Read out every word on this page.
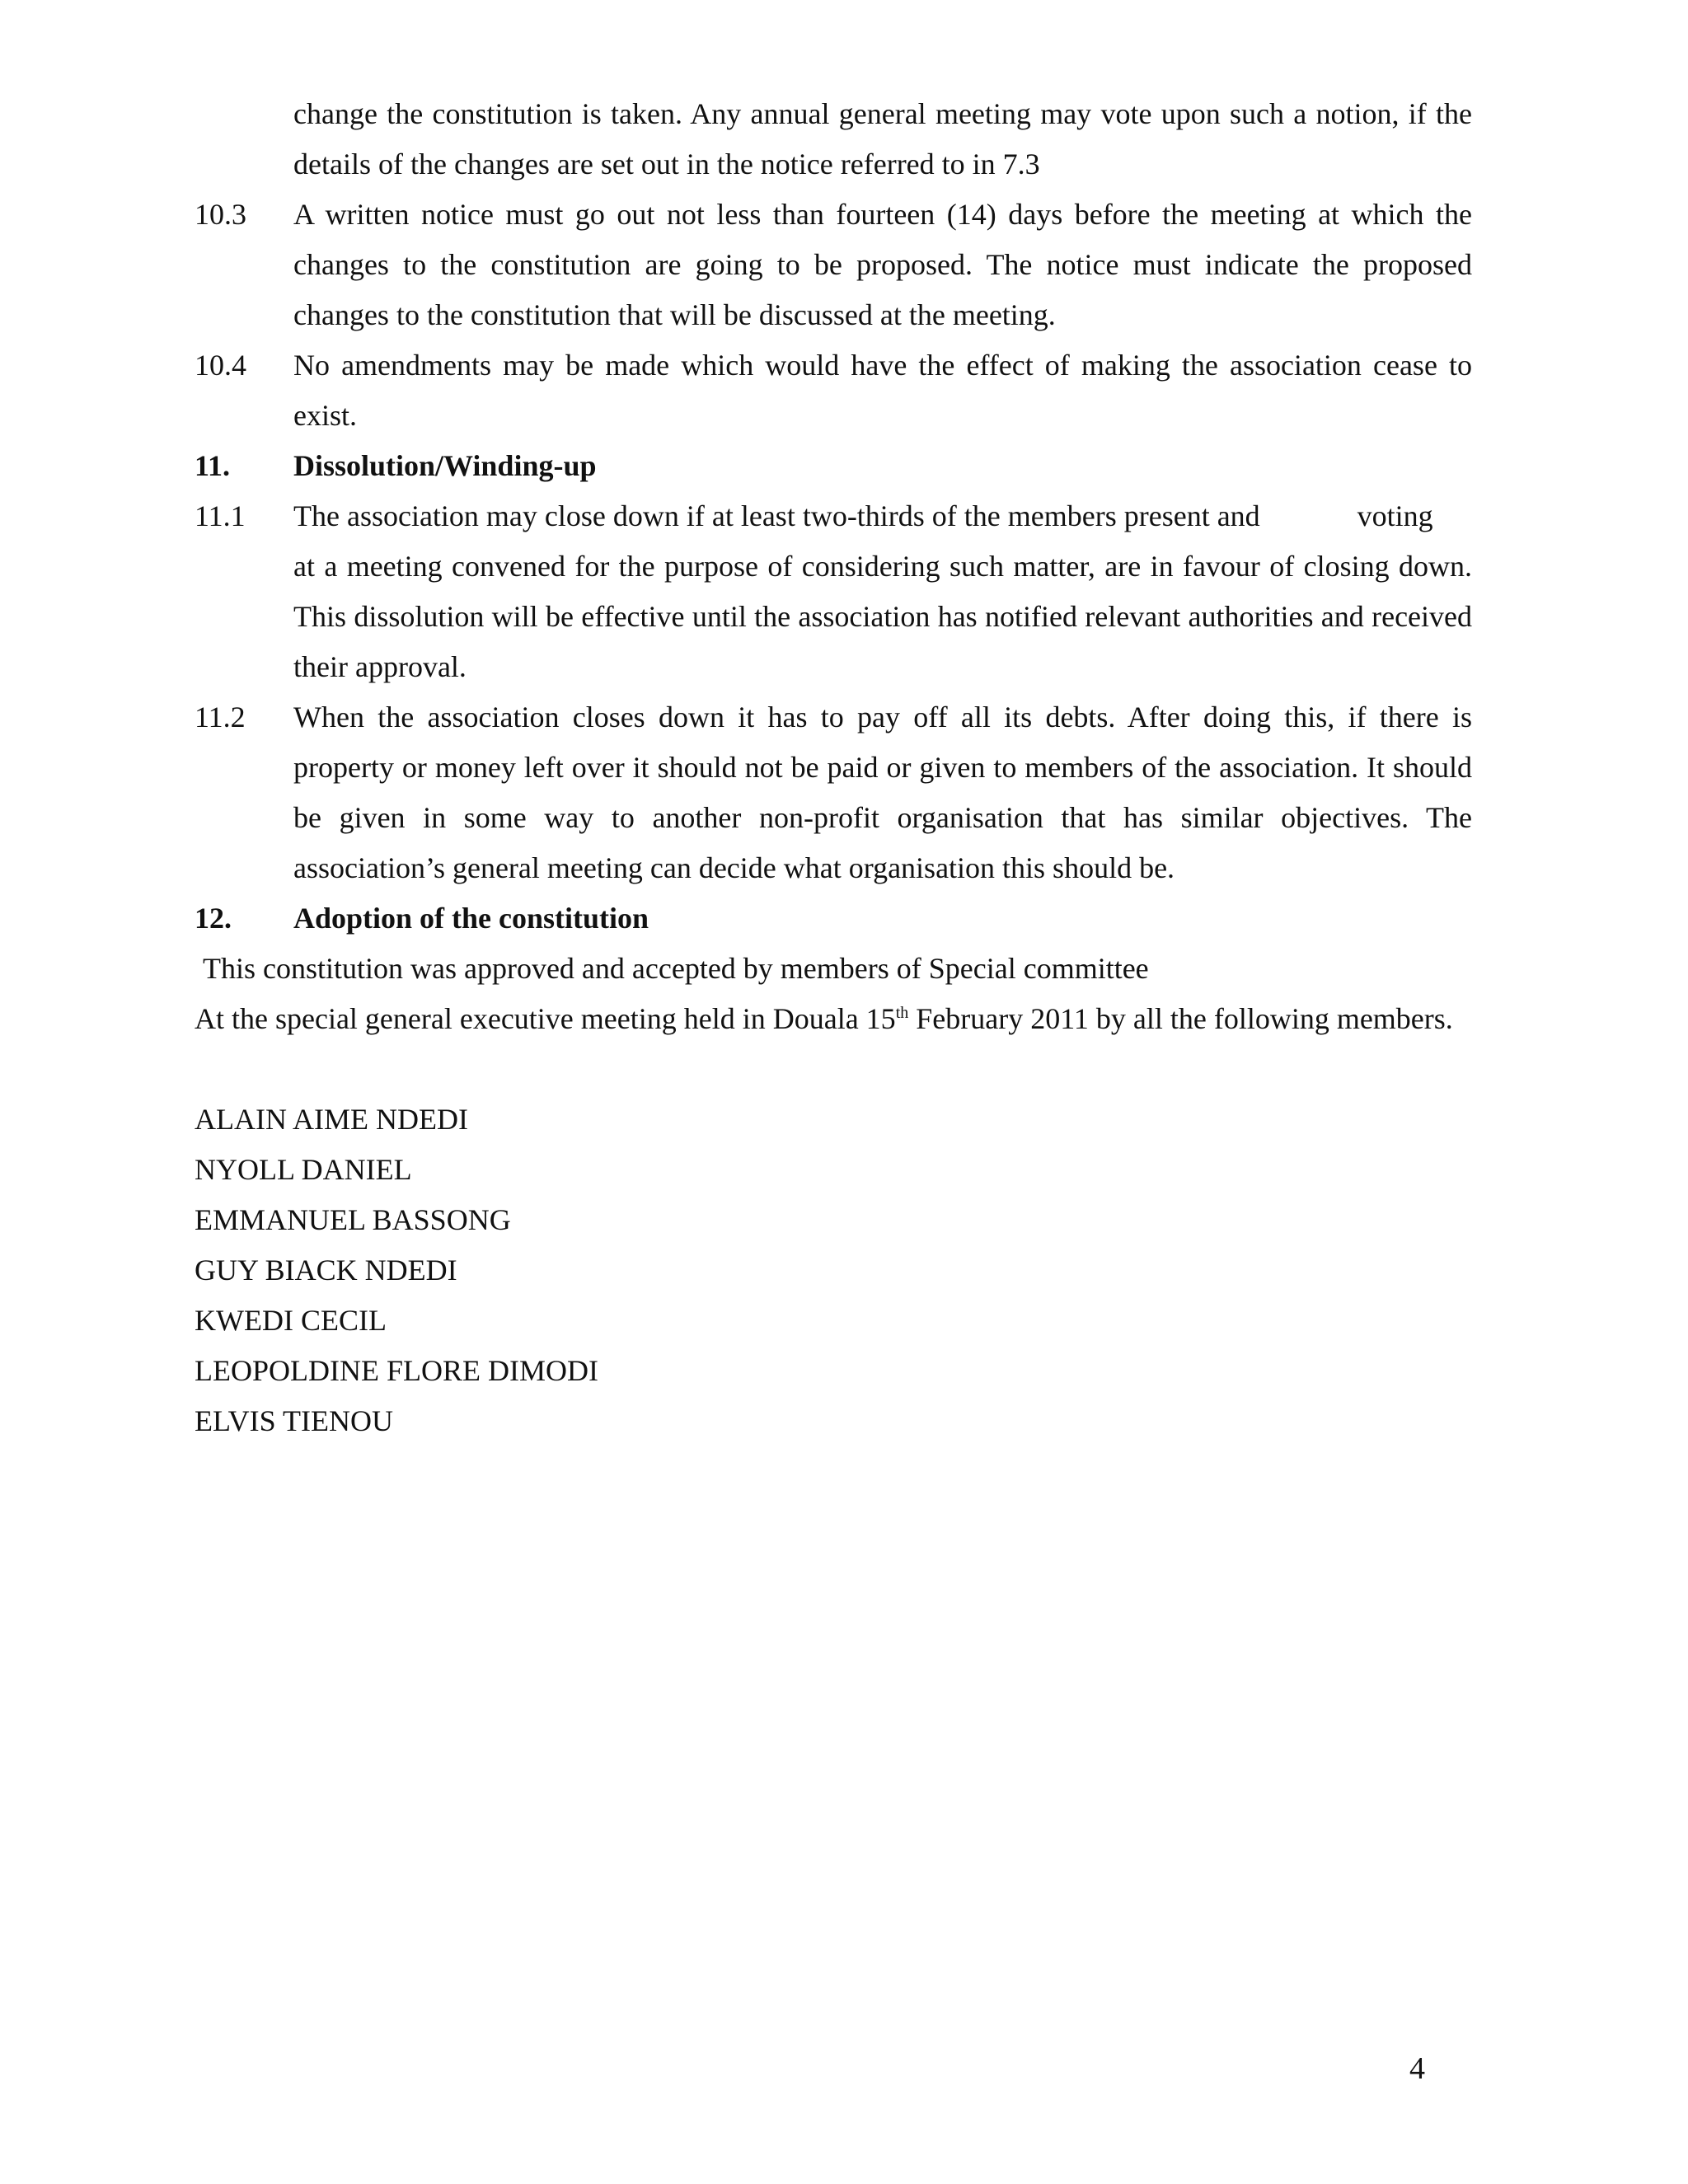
change the constitution is taken. Any annual general meeting may vote upon such a notion, if the details of the changes are set out in the notice referred to in 7.3
10.3	A written notice must go out not less than fourteen (14) days before the meeting at which the changes to the constitution are going to be proposed. The notice must indicate the proposed changes to the constitution that will be discussed at the meeting.
10.4	No amendments may be made which would have the effect of making the association cease to exist.
11.	Dissolution/Winding-up
11.1	The association may close down if at least two-thirds of the members present and	voting
at a meeting convened for the purpose of considering such matter, are in favour of closing down. This dissolution will be effective until the association has notified relevant authorities and received their approval.
11.2	When the association closes down it has to pay off all its debts. After doing this, if there is property or money left over it should not be paid or given to members of the association. It should be given in some way to another non-profit organisation that has similar objectives. The association’s general meeting can decide what organisation this should be.
12.	Adoption of the constitution
This constitution was approved and accepted by members of Special committee
At the special general executive meeting held in Douala 15th February 2011 by all the following members.
ALAIN AIME NDEDI
NYOLL DANIEL
EMMANUEL BASSONG
GUY BIACK NDEDI
KWEDI CECIL
LEOPOLDINE FLORE DIMODI
ELVIS TIENOU
4
